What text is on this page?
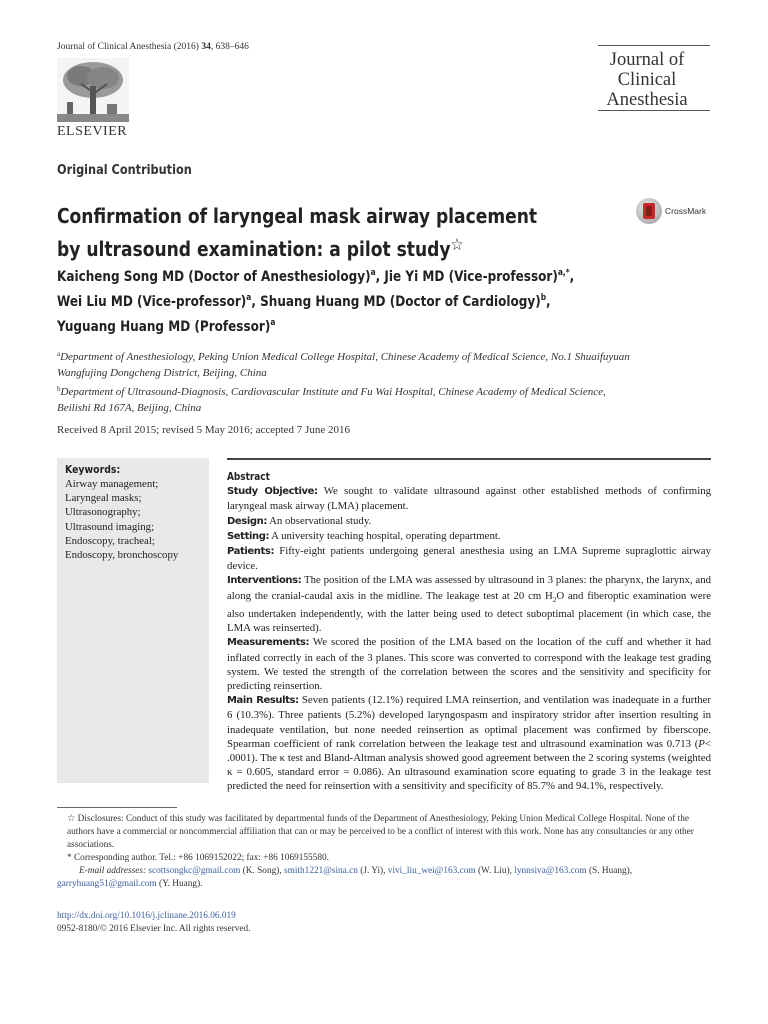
Journal of Clinical Anesthesia (2016) 34, 638–646
ELSEVIER
Journal of
Clinical
Anesthesia
Original Contribution
Confirmation of laryngeal mask airway placement
by ultrasound examination: a pilot study☆
CrossMark
Kaicheng Song MD (Doctor of Anesthesiology)$^a$, Jie Yi MD (Vice-professor)$^{a,*}$,
Wei Liu MD (Vice-professor)$^a$, Shuang Huang MD (Doctor of Cardiology)$^b$,
Yuguang Huang MD (Professor)$^a$
$^a$Department of Anesthesiology, Peking Union Medical College Hospital, Chinese Academy of Medical Science, No.1 Shuaifuyuan
Wangfujing Dongcheng District, Beijing, China
$^b$Department of Ultrasound-Diagnosis, Cardiovascular Institute and Fu Wai Hospital, Chinese Academy of Medical Science,
Beilishi Rd 167A, Beijing, China
Received 8 April 2015; revised 5 May 2016; accepted 7 June 2016
Keywords:
Airway management;
Laryngeal masks;
Ultrasonography;
Ultrasound imaging;
Endoscopy, tracheal;
Endoscopy, bronchoscopy
Abstract

Study Objective: We sought to validate ultrasound against other established methods of confirming laryngeal mask airway (LMA) placement.

Design: An observational study.

Setting: A university teaching hospital, operating department.

Patients: Fifty-eight patients undergoing general anesthesia using an LMA Supreme supraglottic airway device.

Interventions: The position of the LMA was assessed by ultrasound in 3 planes: the pharynx, the larynx, and along the cranial-caudal axis in the midline. The leakage test at 20 cm $H_2O$ and fiberoptic examination were also undertaken independently, with the latter being used to detect suboptimal placement (in which case, the LMA was reinserted).

Measurements: We scored the position of the LMA based on the location of the cuff and whether it had inflated correctly in each of the 3 planes. This score was converted to correspond with the leakage test grading system. We tested the strength of the correlation between the scores and the sensitivity and specificity for predicting reinsertion.

Main Results: Seven patients (12.1%) required LMA reinsertion, and ventilation was inadequate in a further 6 (10.3%). Three patients (5.2%) developed laryngospasm and inspiratory stridor after insertion resulting in inadequate ventilation, but none needed reinsertion as optimal placement was confirmed by fiberscope. Spearman coefficient of rank correlation between the leakage test and ultrasound examination was 0.713 (P< .0001). The κ test and Bland-Altman analysis showed good agreement between the 2 scoring systems (weighted κ = 0.605, standard error = 0.086). An ultrasound examination score equating to grade 3 in the leakage test predicted the need for reinsertion with a sensitivity and specificity of 85.7% and 94.1%, respectively.

☆ Disclosures: Conduct of this study was facilitated by departmental funds of the Department of Anesthesiology, Peking Union Medical College Hospital. None of the authors have a commercial or noncommercial affiliation that can or may be perceived to be a conflict of interest with this work. None has any consultancies or any other associations.

* Corresponding author. Tel.: +86 1069152022; fax: +86 1069155580.

E-mail addresses: scottsongkc@gmail.com (K. Song), smith1221@sina.cn (J. Yi), vivi_liu_wei@163.com (W. Liu), lynnsiva@163.com (S. Huang),

garryhuang51@gmail.com (Y. Huang).

http://dx.doi.org/10.1016/j.jclinane.2016.06.019
0952-8180/© 2016 Elsevier Inc. All rights reserved.
